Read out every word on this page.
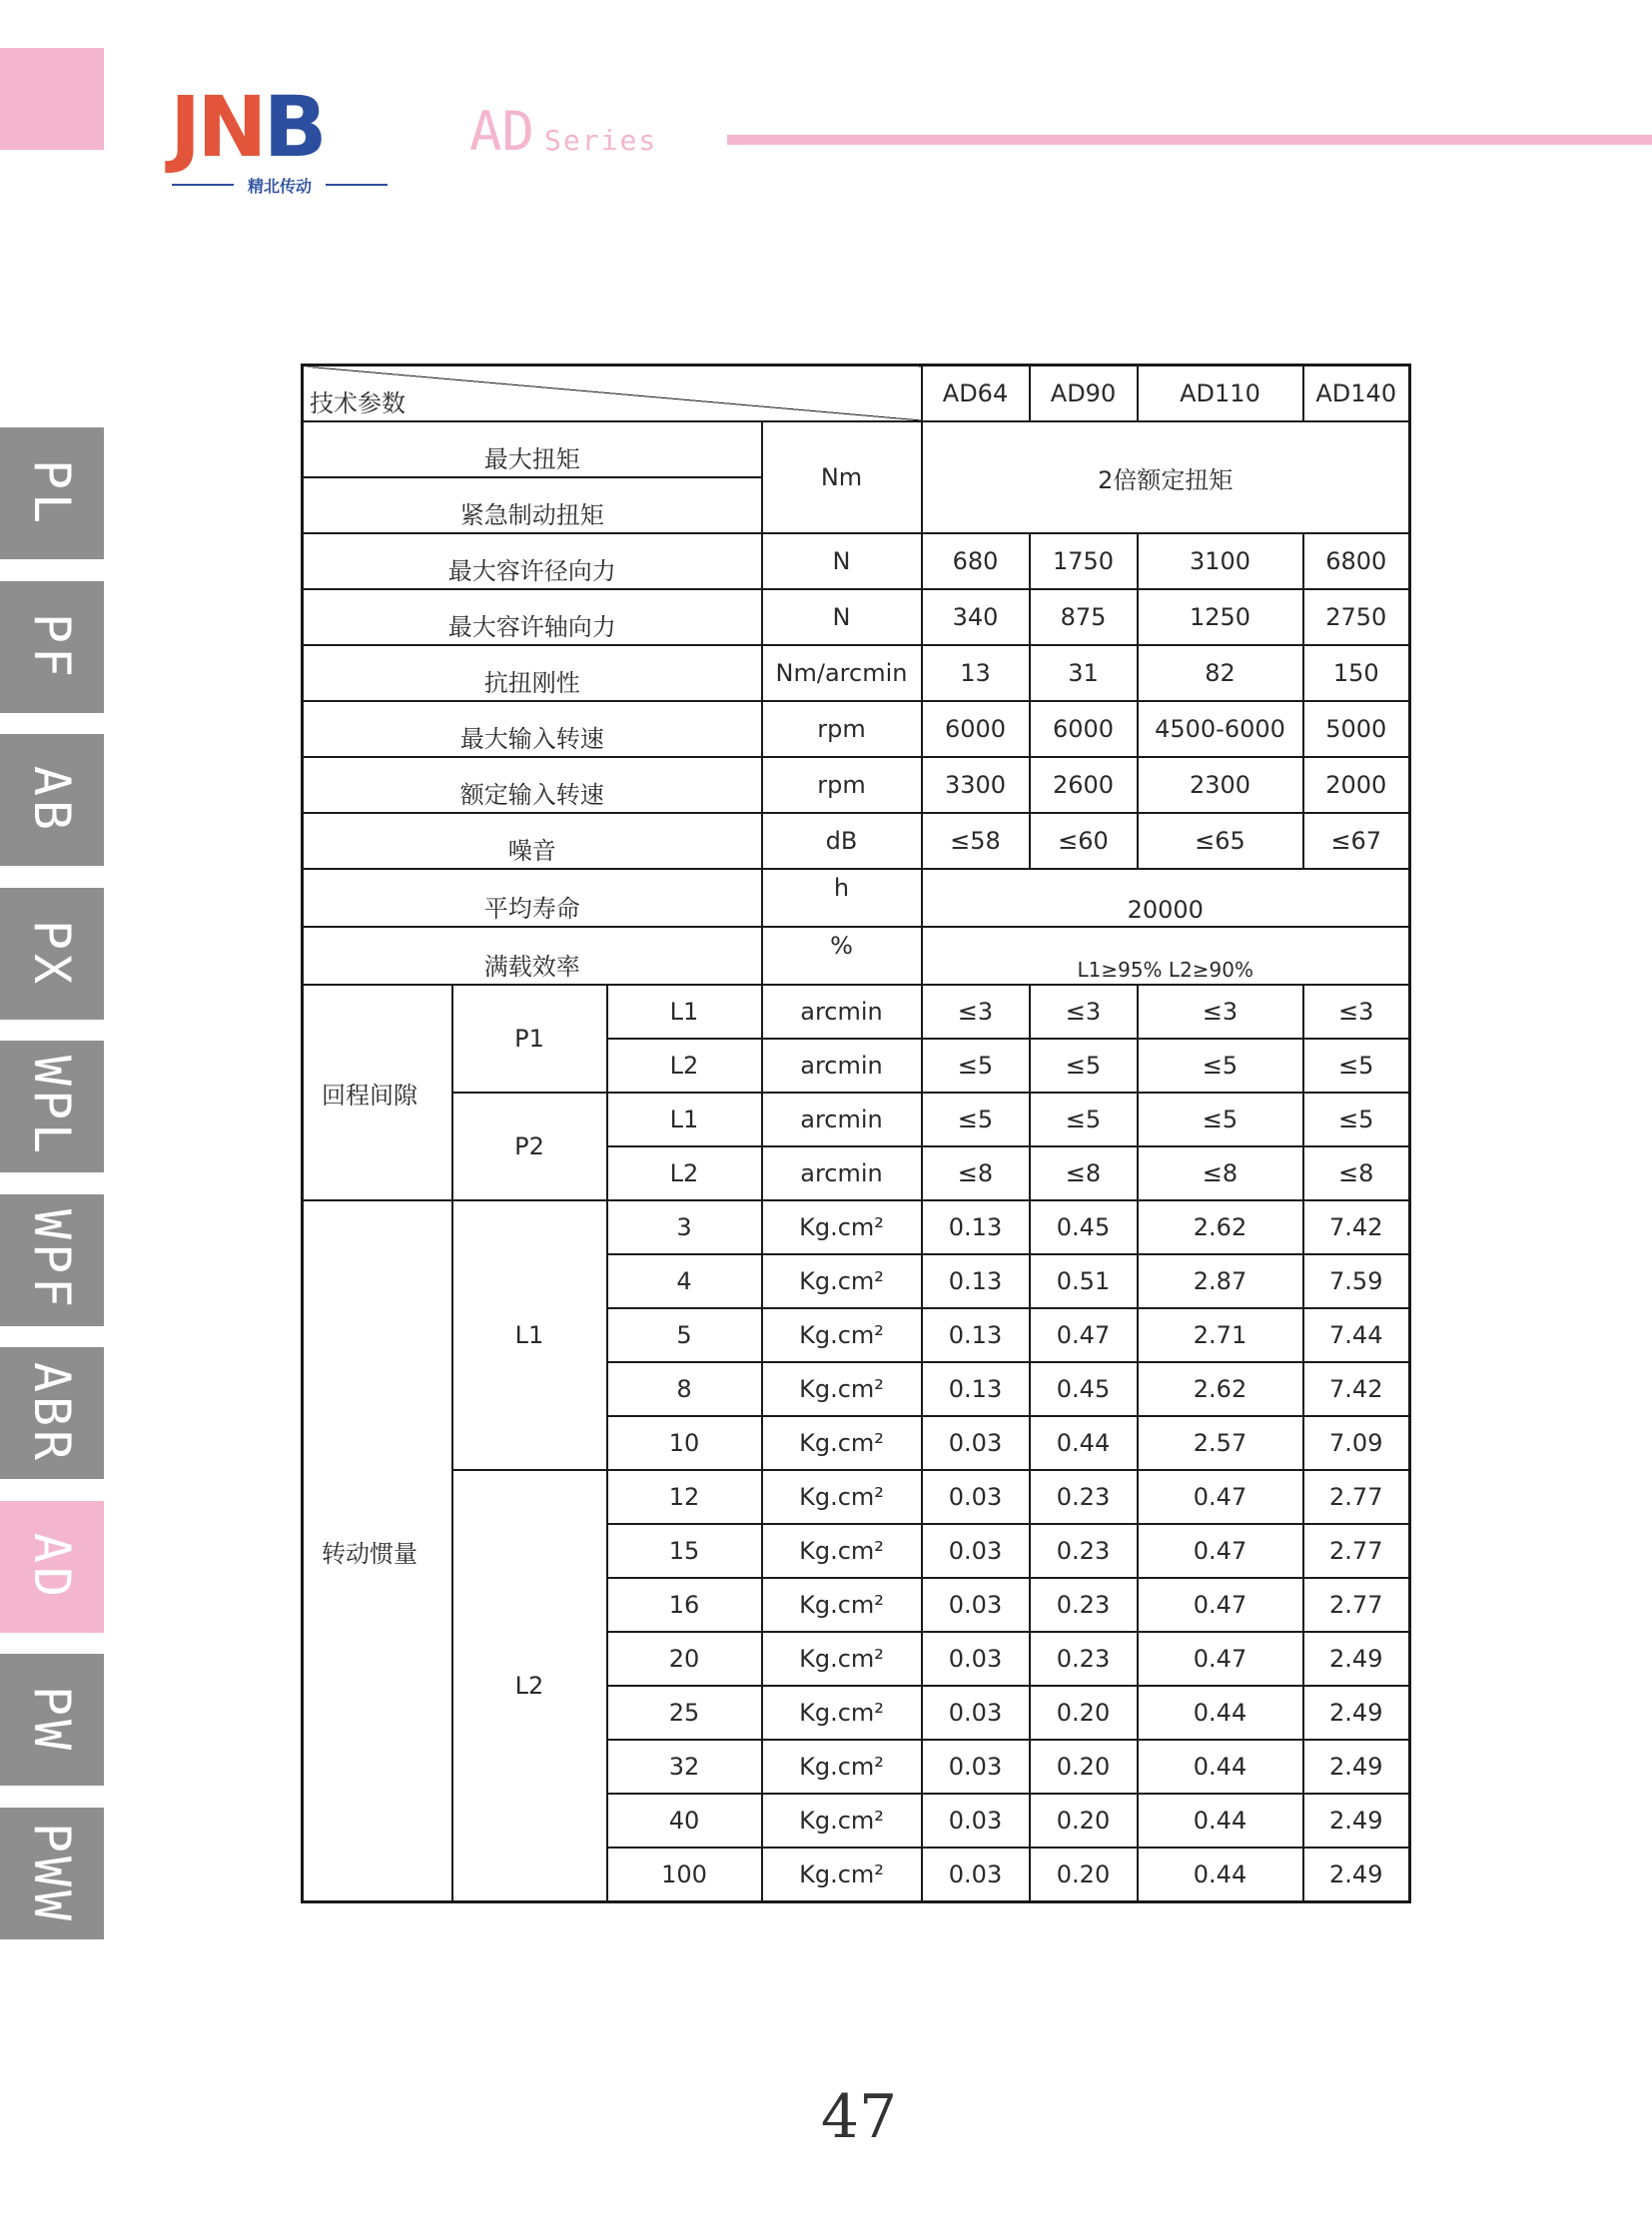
JNB
精北传动
AD Series
PL
PF
AB
PX
WPL
WPF
ABR
AD
PW
PWW
技术参数				AD64	AD90	AD110	AD140
最大扭矩			Nm	2倍额定扭矩			
紧急制动扭矩							
最大容许径向力			N	680	1750	3100	6800
最大容许轴向力			N	340	875	1250	2750
抗扭刚性			Nm/arcmin	13	31	82	150
最大输入转速			rpm	6000	6000	4500-6000	5000
额定输入转速			rpm	3300	2600	2300	2000
噪音			dB	≤58	≤60	≤65	≤67
平均寿命			h	20000			
满载效率			%	L1≥95% L2≥90%			
回程间隙	P1	L1	arcmin	≤3	≤3	≤3	≤3
		L2	arcmin	≤5	≤5	≤5	≤5
	P2	L1	arcmin	≤5	≤5	≤5	≤5
		L2	arcmin	≤8	≤8	≤8	≤8
转动惯量	L1	3	Kg.cm²	0.13	0.45	2.62	7.42
		4	Kg.cm²	0.13	0.51	2.87	7.59
		5	Kg.cm²	0.13	0.47	2.71	7.44
		8	Kg.cm²	0.13	0.45	2.62	7.42
		10	Kg.cm²	0.03	0.44	2.57	7.09
	L2	12	Kg.cm²	0.03	0.23	0.47	2.77
		15	Kg.cm²	0.03	0.23	0.47	2.77
		16	Kg.cm²	0.03	0.23	0.47	2.77
		20	Kg.cm²	0.03	0.23	0.47	2.49
		25	Kg.cm²	0.03	0.20	0.44	2.49
		32	Kg.cm²	0.03	0.20	0.44	2.49
		40	Kg.cm²	0.03	0.20	0.44	2.49
		100	Kg.cm²	0.03	0.20	0.44	2.49
47
